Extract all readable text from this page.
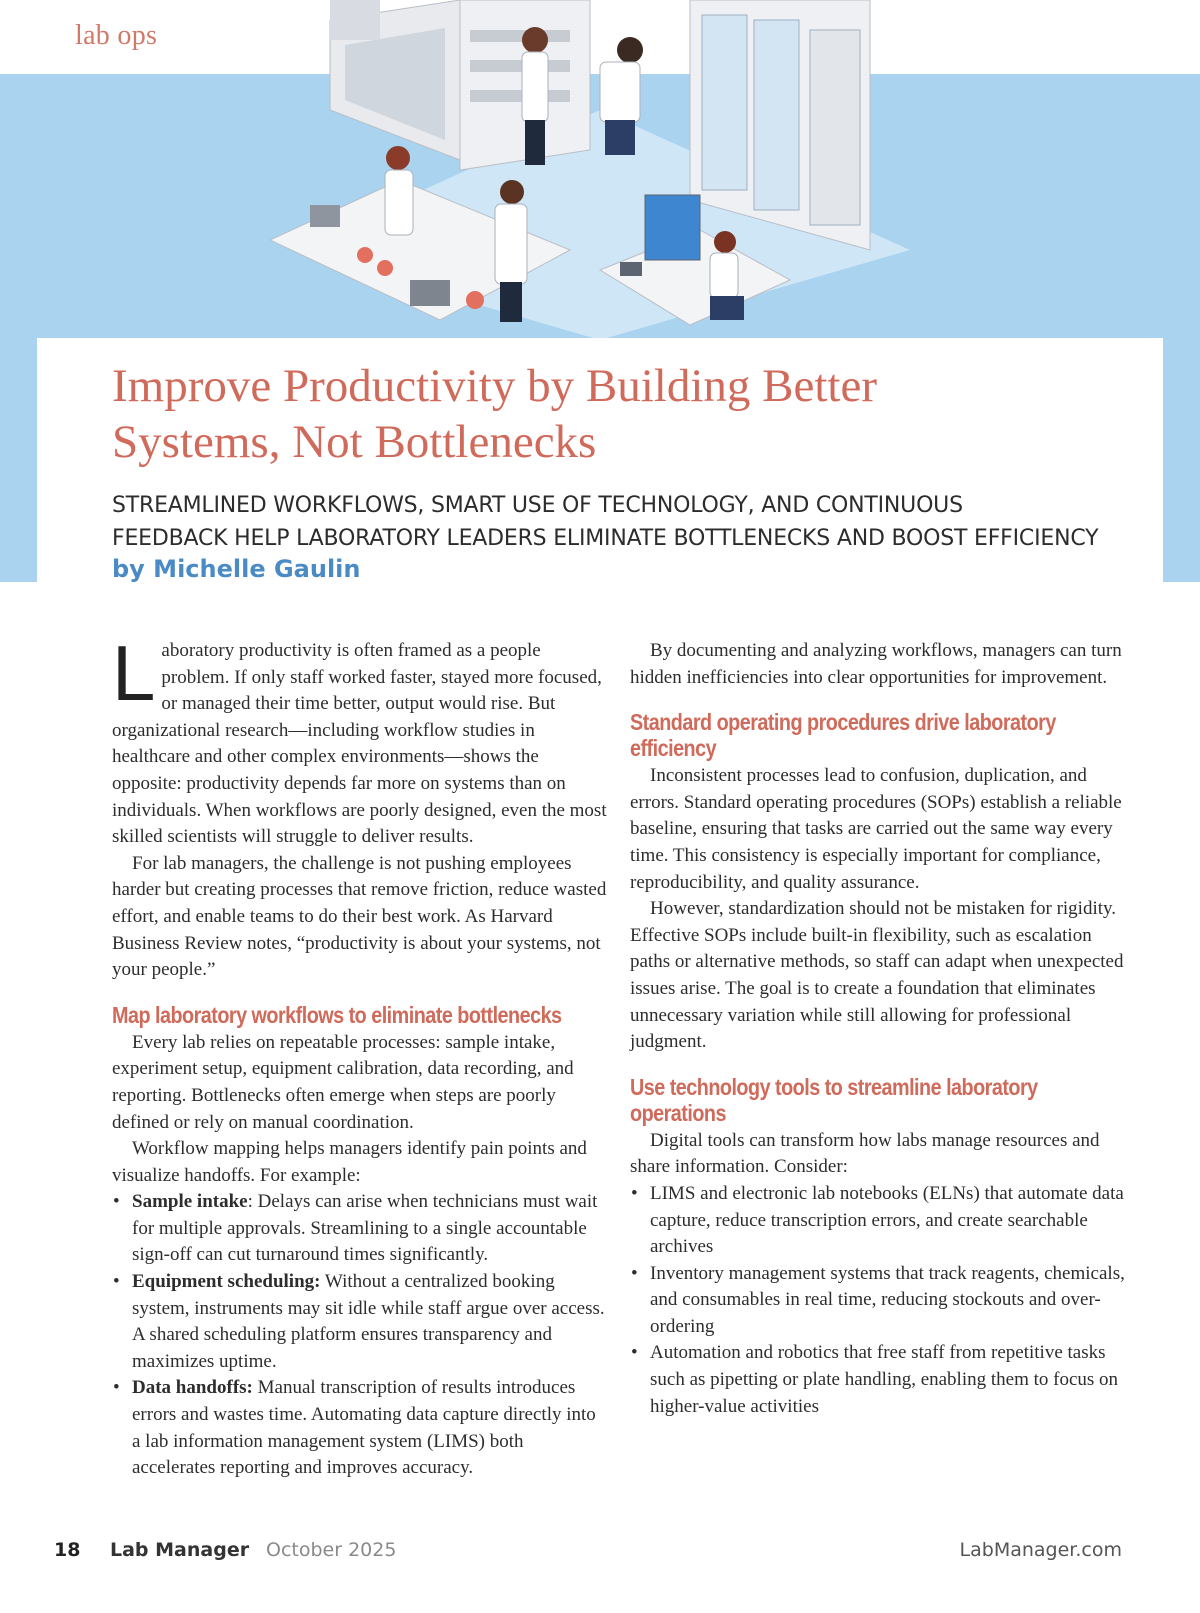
lab ops
Improve Productivity by Building Better
Systems, Not Bottlenecks

STREAMLINED WORKFLOWS, SMART USE OF TECHNOLOGY, AND CONTINUOUS
FEEDBACK HELP LABORATORY LEADERS ELIMINATE BOTTLENECKS AND BOOST EFFICIENCY

by Michelle Gaulin

Laboratory productivity is often framed as a people problem. If only staff worked faster, stayed more focused, or managed their time better, output would rise. But organizational research—including workflow studies in healthcare and other complex environments—shows the opposite: productivity depends far more on systems than on individuals. When workflows are poorly designed, even the most skilled scientists will struggle to deliver results.

For lab managers, the challenge is not pushing employees harder but creating processes that remove friction, reduce wasted effort, and enable teams to do their best work. As Harvard Business Review notes, “productivity is about your systems, not your people.”

Map laboratory workflows to eliminate bottlenecks

Every lab relies on repeatable processes: sample intake, experiment setup, equipment calibration, data recording, and reporting. Bottlenecks often emerge when steps are poorly defined or rely on manual coordination.

Workflow mapping helps managers identify pain points and visualize handoffs. For example:

• Sample intake: Delays can arise when technicians must wait for multiple approvals. Streamlining to a single accountable sign-off can cut turnaround times significantly.
• Equipment scheduling: Without a centralized booking system, instruments may sit idle while staff argue over access. A shared scheduling platform ensures transparency and maximizes uptime.
• Data handoffs: Manual transcription of results introduces errors and wastes time. Automating data capture directly into a lab information management system (LIMS) both accelerates reporting and improves accuracy.

By documenting and analyzing workflows, managers can turn hidden inefficiencies into clear opportunities for improvement.

Standard operating procedures drive laboratory efficiency

Inconsistent processes lead to confusion, duplication, and errors. Standard operating procedures (SOPs) establish a reliable baseline, ensuring that tasks are carried out the same way every time. This consistency is especially important for compliance, reproducibility, and quality assurance.

However, standardization should not be mistaken for rigidity. Effective SOPs include built-in flexibility, such as escalation paths or alternative methods, so staff can adapt when unexpected issues arise. The goal is to create a foundation that eliminates unnecessary variation while still allowing for professional judgment.

Use technology tools to streamline laboratory operations

Digital tools can transform how labs manage resources and share information. Consider:

• LIMS and electronic lab notebooks (ELNs) that automate data capture, reduce transcription errors, and create searchable archives
• Inventory management systems that track reagents, chemicals, and consumables in real time, reducing stockouts and over-ordering
• Automation and robotics that free staff from repetitive tasks such as pipetting or plate handling, enabling them to focus on higher-value activities
18 Lab Manager October 2025	LabManager.com
